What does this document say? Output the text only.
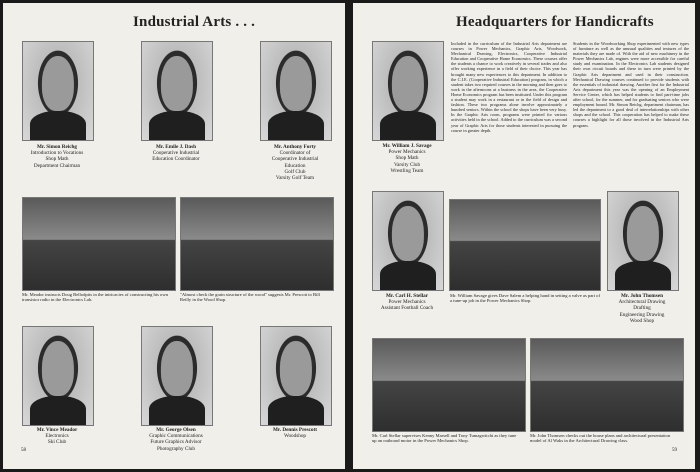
Industrial Arts . . .
Mr. Simon Reichg
Introduction to Vocations
Shop Math
Department Chairman
Mr. Emile J. Dash
Cooperative Industrial
Education Coordinator
Mr. Anthony Forty
Coordinator of
Cooperative Industrial
Education
Golf Club
Varsity Golf Team
Mr. Meador instructs Doug Bellodpits in the intricacies of constructing his own transistor radio in the Electronics Lab.
"Almost check the grain structure of the wood" suggests Mr. Prescott to Bill Reilly in the Wood Shop.
Mr. Vince Meador
Electronics
Ski Club
Mr. George Olsen
Graphic Communications
Future Graphics Advisor
Photography Club
Mr. Dennis Prescott
Woodshop
58
Headquarters for Handicrafts
Mr. William J. Savage
Power Mechanics
Shop Math
Varsity Club
Wrestling Team
Included in the curriculum of the Industrial Arts department are courses in Power Mechanics, Graphic Arts, Woodwork, Mechanical Drawing, Electronics, Cooperative Industrial Education and Cooperative Home Economics. These courses offer the students a chance to work creatively in several trades and also offer working experience in a field of their choice. This year has brought many new experiences to this department. In addition to the C.I.E. (Cooperative Industrial Education) program, in which a student takes two required courses in the morning and then goes to work in the afternoons at a business in the area, the Cooperative Home Economics program has been instituted. Under this program a student may work in a restaurant or in the field of design and fashion. These two programs alone involve approximately a hundred seniors. Within the school the shops have been very busy. In the Graphic Arts room, programs were printed for various activities held in the school. Added to the curriculum was a second year of Graphic Arts for those students interested in pursuing the course in greater depth.
Students in the Woodworking Shop experimented with new types of furniture as well as the unusual qualities and textures of the materials they are made of. With the aid of new machinery in the Power Mechanics Lab, engines were more accessible for careful study and examination. In the Electronics Lab students designed their own circuit boards and these in turn were printed by the Graphic Arts department and used in their construction. Mechanical Drawing courses continued to provide students with the essentials of industrial drawing. Another first for the Industrial Arts department this year was the opening of an Employment Service Center, which has helped students to find part-time jobs after school, for the summer, and for graduating seniors who were employment bound. Mr. Simon Reichg, department chairman, has led the department to a good deal of interrelationships with other shops and the school. This cooperation has helped to make these courses a highlight for all those involved in the Industrial Arts program.
Mr. Carl H. Stellar
Power Mechanics
Assistant Football Coach
Mr. William Savage gives Dave Salem a helping hand in setting a valve as part of a tune-up job in the Power Mechanics Shop.
Mr. John Thomsen
Architectural Drawing
Drafting
Engineering Drawing
Wood Shop
Mr. Carl Stellar supervises Kenny Marsell and Tony Tumagwitchi as they tune up an outboard motor in the Power Mechanics Shop.
Mr. John Thomsen checks out the house plans and architectural presentation model of Al Waks in the Architectural Drawing class.
59
